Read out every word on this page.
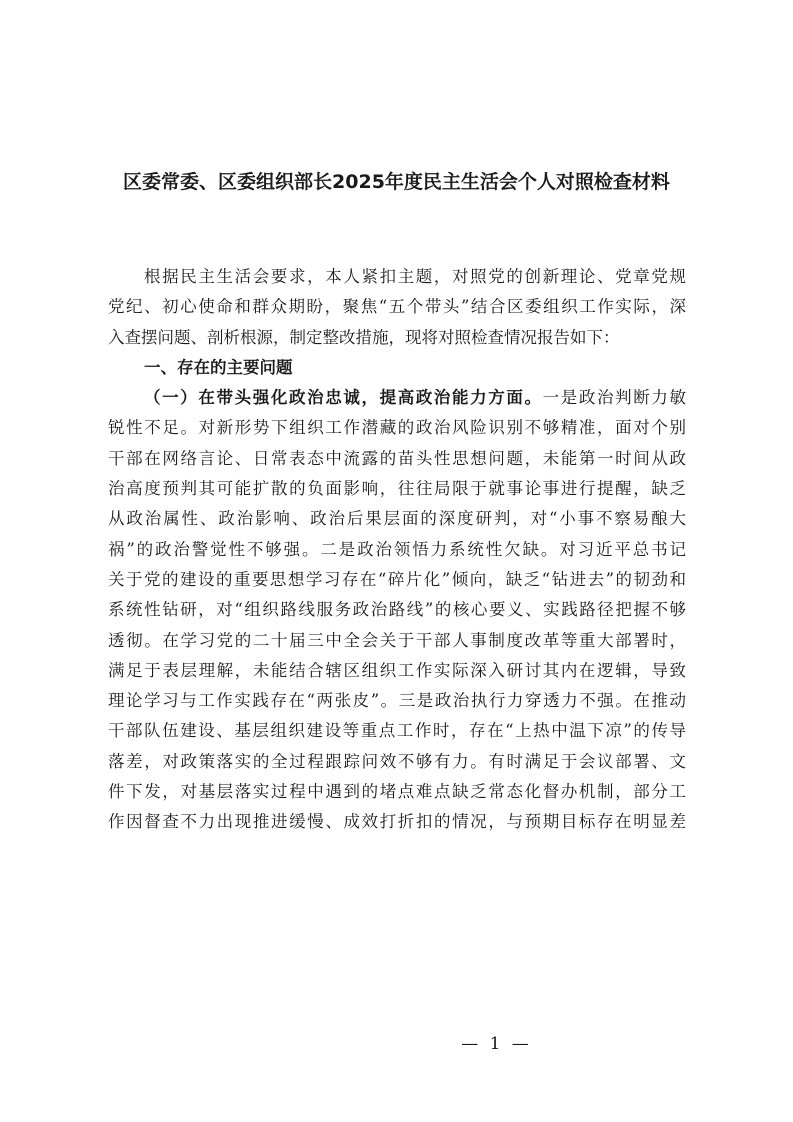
区委常委、区委组织部长2025年度民主生活会个人对照检查材料
根据民主生活会要求，本人紧扣主题，对照党的创新理论、党章党规
党纪、初心使命和群众期盼，聚焦“五个带头”结合区委组织工作实际，深
入查摆问题、剖析根源，制定整改措施，现将对照检查情况报告如下：
一、存在的主要问题
（一）在带头强化政治忠诚，提高政治能力方面。一是政治判断力敏
锐性不足。对新形势下组织工作潜藏的政治风险识别不够精准，面对个别
干部在网络言论、日常表态中流露的苗头性思想问题，未能第一时间从政
治高度预判其可能扩散的负面影响，往往局限于就事论事进行提醒，缺乏
从政治属性、政治影响、政治后果层面的深度研判，对“小事不察易酿大
祸”的政治警觉性不够强。二是政治领悟力系统性欠缺。对习近平总书记
关于党的建设的重要思想学习存在“碎片化”倾向，缺乏“钻进去”的韧劲和
系统性钻研，对“组织路线服务政治路线”的核心要义、实践路径把握不够
透彻。在学习党的二十届三中全会关于干部人事制度改革等重大部署时，
满足于表层理解，未能结合辖区组织工作实际深入研讨其内在逻辑，导致
理论学习与工作实践存在“两张皮”。三是政治执行力穿透力不强。在推动
干部队伍建设、基层组织建设等重点工作时，存在“上热中温下凉”的传导
落差，对政策落实的全过程跟踪问效不够有力。有时满足于会议部署、文
件下发，对基层落实过程中遇到的堵点难点缺乏常态化督办机制，部分工
作因督查不力出现推进缓慢、成效打折扣的情况，与预期目标存在明显差
— 1 —
